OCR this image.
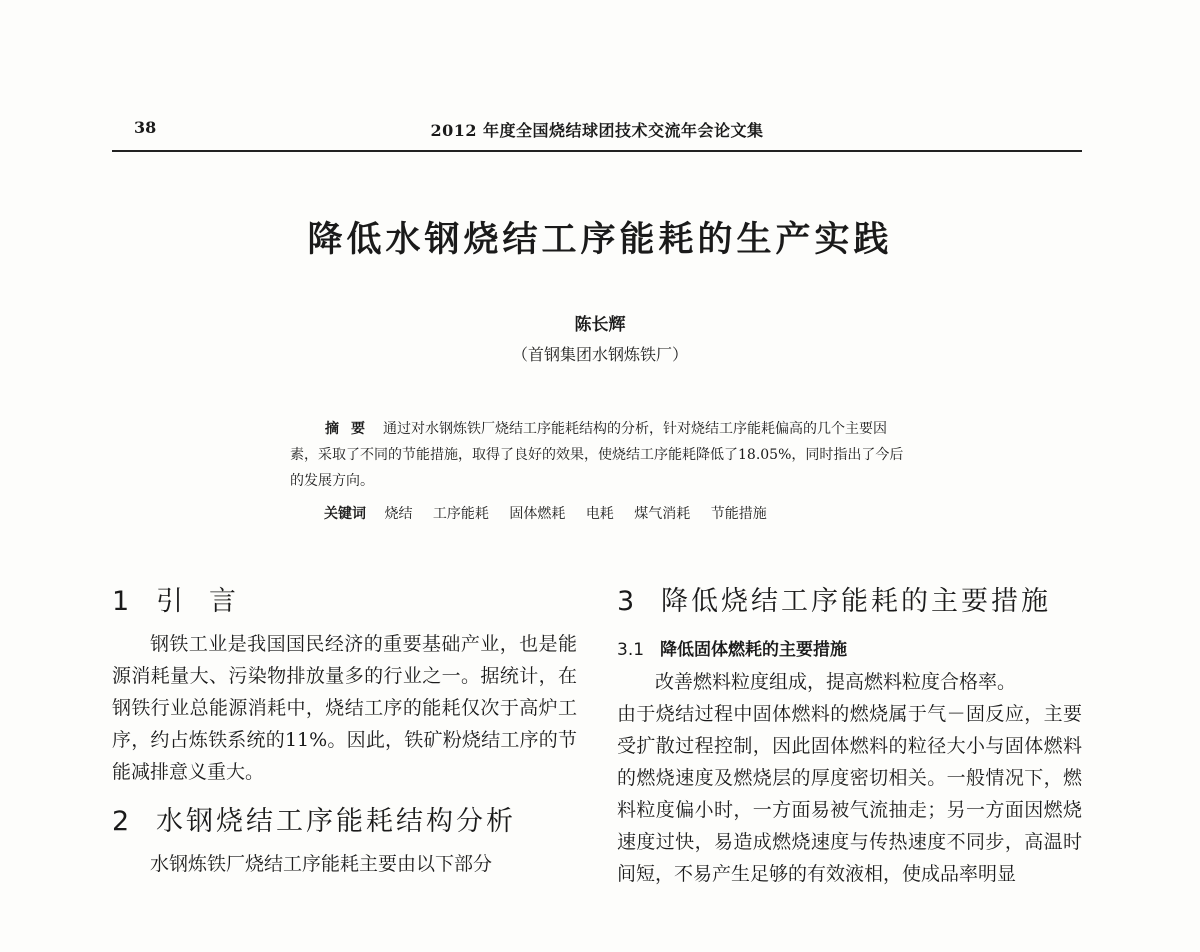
38	2012 年度全国烧结球团技术交流年会论文集
降低水钢烧结工序能耗的生产实践
陈长辉
（首钢集团水钢炼铁厂）
摘要 通过对水钢炼铁厂烧结工序能耗结构的分析，针对烧结工序能耗偏高的几个主要因素，采取了不同的节能措施，取得了良好的效果，使烧结工序能耗降低了18.05%，同时指出了今后的发展方向。
关键词 烧结 工序能耗 固体燃耗 电耗 煤气消耗 节能措施
1引言

钢铁工业是我国国民经济的重要基础产业，也是能源消耗量大、污染物排放量多的行业之一。据统计，在钢铁行业总能源消耗中，烧结工序的能耗仅次于高炉工序，约占炼铁系统的11%。因此，铁矿粉烧结工序的节能减排意义重大。

2 水钢烧结工序能耗结构分析

水钢炼铁厂烧结工序能耗主要由以下部分

3 降低烧结工序能耗的主要措施
3.1 降低固体燃耗的主要措施

改善燃料粒度组成，提高燃料粒度合格率。

由于烧结过程中固体燃料的燃烧属于气－固反应，主要受扩散过程控制，因此固体燃料的粒径大小与固体燃料的燃烧速度及燃烧层的厚度密切相关。一般情况下，燃料粒度偏小时，一方面易被气流抽走；另一方面因燃烧速度过快，易造成燃烧速度与传热速度不同步，高温时间短，不易产生足够的有效液相，使成品率明显
